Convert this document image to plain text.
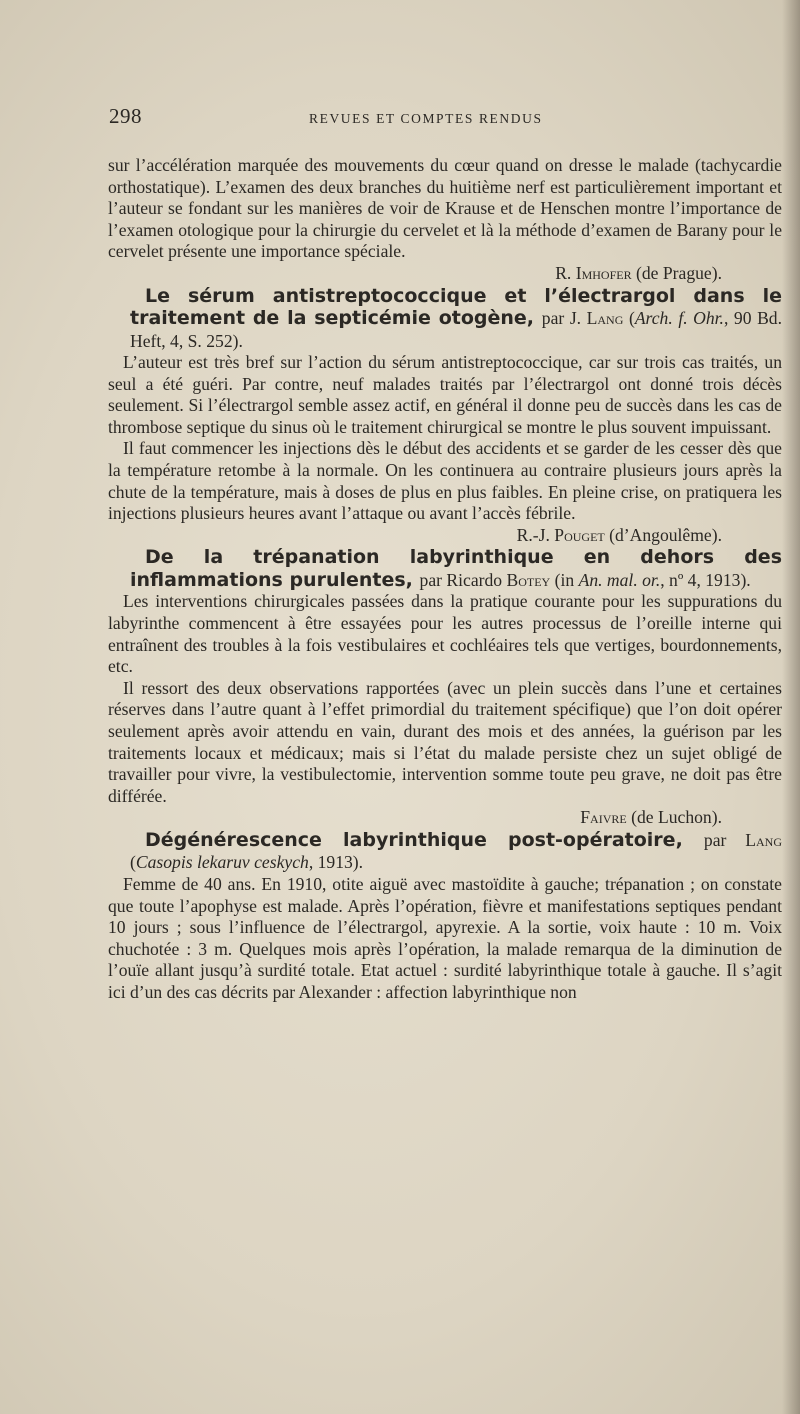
298	REVUES ET COMPTES RENDUS

sur l’accélération marquée des mouvements du cœur quand on dresse le malade (tachycardie orthostatique). L’examen des deux branches du huitième nerf est particulièrement important et l’auteur se fondant sur les manières de voir de Krause et de Henschen montre l’importance de l’examen otologique pour la chirurgie du cervelet et là la méthode d’examen de Barany pour le cervelet présente une importance spéciale.

R. Imhofer (de Prague).

Le sérum antistreptococcique et l’électrargol dans le traitement de la septicémie otogène, par J. Lang (Arch. f. Ohr., 90 Bd. Heft, 4, S. 252).

L’auteur est très bref sur l’action du sérum antistreptococcique, car sur trois cas traités, un seul a été guéri. Par contre, neuf malades traités par l’électrargol ont donné trois décès seulement. Si l’électrargol semble assez actif, en général il donne peu de succès dans les cas de thrombose septique du sinus où le traitement chirurgical se montre le plus souvent impuissant.

Il faut commencer les injections dès le début des accidents et se garder de les cesser dès que la température retombe à la normale. On les continuera au contraire plusieurs jours après la chute de la température, mais à doses de plus en plus faibles. En pleine crise, on pratiquera les injections plusieurs heures avant l’attaque ou avant l’accès fébrile.

R.-J. Pouget (d’Angoulême).

De la trépanation labyrinthique en dehors des inflammations purulentes, par Ricardo Botey (in An. mal. or., nº 4, 1913).

Les interventions chirurgicales passées dans la pratique courante pour les suppurations du labyrinthe commencent à être essayées pour les autres processus de l’oreille interne qui entraînent des troubles à la fois vestibulaires et cochléaires tels que vertiges, bourdonnements, etc.

Il ressort des deux observations rapportées (avec un plein succès dans l’une et certaines réserves dans l’autre quant à l’effet primordial du traitement spécifique) que l’on doit opérer seulement après avoir attendu en vain, durant des mois et des années, la guérison par les traitements locaux et médicaux; mais si l’état du malade persiste chez un sujet obligé de travailler pour vivre, la vestibulectomie, intervention somme toute peu grave, ne doit pas être différée.

Faivre (de Luchon).

Dégénérescence labyrinthique post-opératoire, par Lang (Casopis lekaruv ceskych, 1913).

Femme de 40 ans. En 1910, otite aiguë avec mastoïdite à gauche; trépanation ; on constate que toute l’apophyse est malade. Après l’opération, fièvre et manifestations septiques pendant 10 jours ; sous l’influence de l’électrargol, apyrexie. A la sortie, voix haute : 10 m. Voix chuchotée : 3 m. Quelques mois après l’opération, la malade remarqua de la diminution de l’ouïe allant jusqu’à surdité totale. Etat actuel : surdité labyrinthique totale à gauche. Il s’agit ici d’un des cas décrits par Alexander : affection labyrinthique non
